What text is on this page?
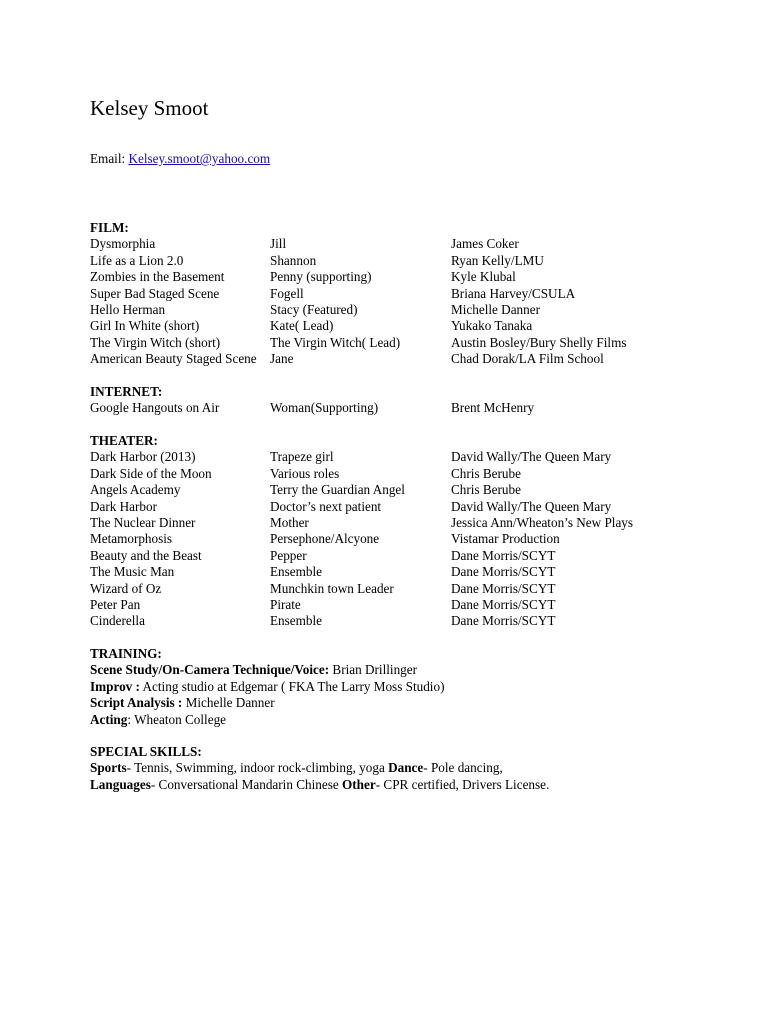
Kelsey Smoot
Email: Kelsey.smoot@yahoo.com
FILM:
Dysmorphia	Jill	James Coker
Life as a Lion 2.0	Shannon	Ryan Kelly/LMU
Zombies in the Basement	Penny (supporting)	Kyle Klubal
Super Bad Staged Scene	Fogell	Briana Harvey/CSULA
Hello Herman	Stacy (Featured)	Michelle Danner
Girl In White (short)	Kate( Lead)	Yukako Tanaka
The Virgin Witch (short)	The Virgin Witch( Lead)	Austin Bosley/Bury Shelly Films
American Beauty Staged Scene	Jane	Chad Dorak/LA Film School
INTERNET:
Google Hangouts on Air	Woman(Supporting)	Brent McHenry
THEATER:
Dark Harbor (2013)	Trapeze girl	David Wally/The Queen Mary
Dark Side of the Moon	Various roles	Chris Berube
Angels Academy	Terry the Guardian Angel	Chris Berube
Dark Harbor	Doctor’s next patient	David Wally/The Queen Mary
The Nuclear Dinner	Mother	Jessica Ann/Wheaton’s New Plays
Metamorphosis	Persephone/Alcyone	Vistamar Production
Beauty and the Beast	Pepper	Dane Morris/SCYT
The Music Man	Ensemble	Dane Morris/SCYT
Wizard of Oz	Munchkin town Leader	Dane Morris/SCYT
Peter Pan	Pirate	Dane Morris/SCYT
Cinderella	Ensemble	Dane Morris/SCYT
TRAINING:
Scene Study/On-Camera Technique/Voice: Brian Drillinger
Improv : Acting studio at Edgemar ( FKA The Larry Moss Studio)
Script Analysis : Michelle Danner
Acting: Wheaton College
SPECIAL SKILLS:
Sports- Tennis, Swimming, indoor rock-climbing, yoga Dance- Pole dancing,
Languages- Conversational Mandarin Chinese Other- CPR certified, Drivers License.
